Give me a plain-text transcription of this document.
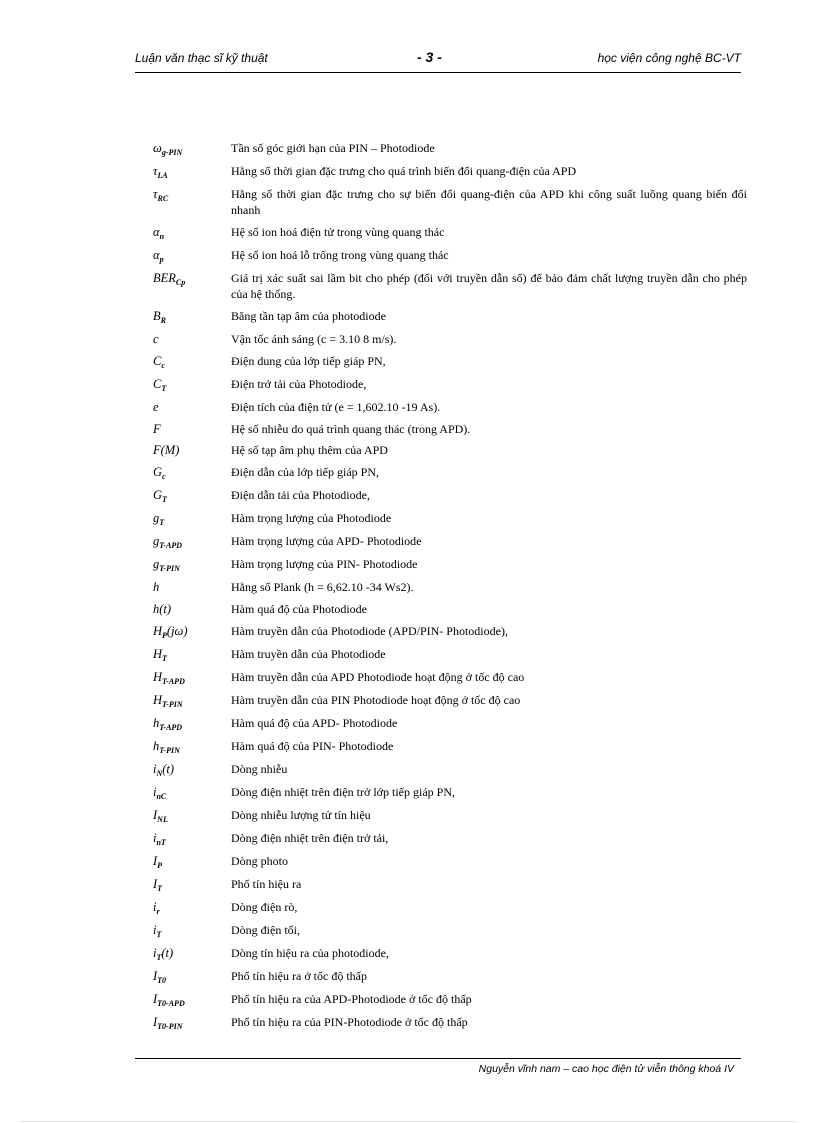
Luận văn thạc sĩ kỹ thuật	- 3 -	học viện công nghệ BC-VT
$\omega_{g-PIN}$	Tần số góc giới hạn của PIN – Photodiode
$\tau_{LA}$	Hằng số thời gian đặc trưng cho quá trình biến đổi quang-điện của APD
$\tau_{RC}$	Hằng số thời gian đặc trưng cho sự biến đổi quang-điện của APD khi công suất luồng quang biến đổi nhanh
$\alpha_n$	Hệ số ion hoá điện tử trong vùng quang thác
$\alpha_p$	Hệ số ion hoá lỗ trống trong vùng quang thác
$BER_{Cp}$	Giá trị xác suất sai lầm bit cho phép (đối với truyền dẫn số) để bảo đảm chất lượng truyền dẫn cho phép của hệ thống.
$B_R$	Băng tần tạp âm của photodiode
c	Vận tốc ánh sáng (c = 3.10 8 m/s).
$C_c$	Điện dung của lớp tiếp giáp PN,
$C_T$	Điện trở tải của Photodiode,
e	Điện tích của điện tử (e = 1,602.10 -19 As).
F	Hệ số nhiễu do quá trình quang thác (trong APD).
F(M)	Hệ số tạp âm phụ thêm của APD
$G_c$	Điện dẫn của lớp tiếp giáp PN,
$G_T$	Điện dẫn tải của Photodiode,
$g_T$	Hàm trọng lượng của Photodiode
$g_{T-APD}$	Hàm trọng lượng của APD- Photodiode
$g_{T-PIN}$	Hàm trọng lượng của PIN- Photodiode
h	Hằng số Plank (h = 6,62.10 -34 Ws2).
h(t)	Hàm quá độ của Photodiode
$H_P(j\omega)$	Hàm truyền dẫn của Photodiode (APD/PIN- Photodiode),
$H_T$	Hàm truyền dẫn của Photodiode
$H_{T-APD}$	Hàm truyền dẫn của APD Photodiode hoạt động ở tốc độ cao
$H_{T-PIN}$	Hàm truyền dẫn của PIN Photodiode hoạt động ở tốc độ cao
$h_{T-APD}$	Hàm quá độ của APD- Photodiode
$h_{T-PIN}$	Hàm quá độ của PIN- Photodiode
$i_N(t)$	Dòng nhiễu
$i_{nC}$	Dòng điện nhiệt trên điện trở lớp tiếp giáp PN,
$I_{NL}$	Dòng nhiễu lượng tử tín hiệu
$i_{nT}$	Dòng điện nhiệt trên điện trở tải,
$I_P$	Dòng photo
$I_T$	Phổ tín hiệu ra
$i_r$	Dòng điện rò,
$i_T$	Dòng điện tối,
$i_T(t)$	Dòng tín hiệu ra của photodiode,
$I_{T0}$	Phổ tín hiệu ra ở tốc độ thấp
$I_{T0-APD}$	Phổ tín hiệu ra của APD-Photodiode ở tốc độ thấp
$I_{T0-PIN}$	Phổ tín hiệu ra của PIN-Photodiode ở tốc độ thấp
Nguyễn vĩnh nam – cao học điện tử viễn thông khoá IV
